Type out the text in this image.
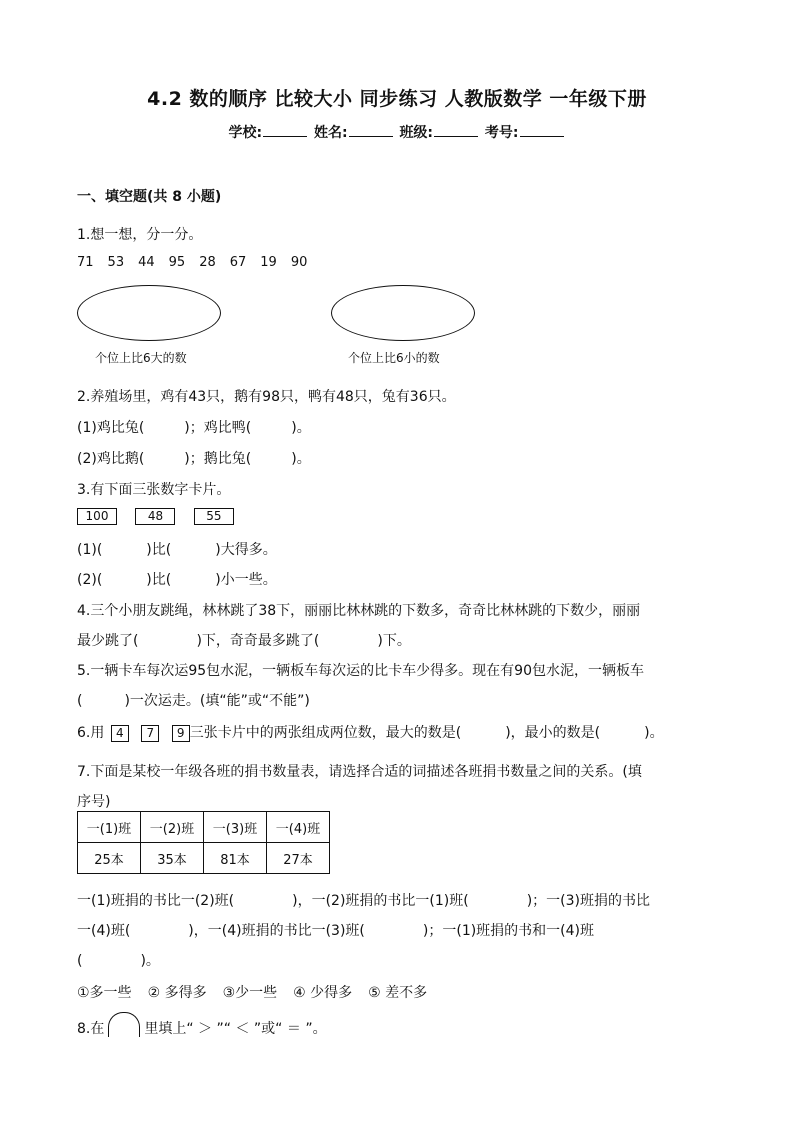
4.2 数的顺序 比较大小 同步练习 人教版数学 一年级下册
学校:	姓名:	班级:	考号:
一、填空题(共 8 小题)
1.想一想，分一分。
71 53 44 95 28 67 19 90
个位上比6大的数	个位上比6小的数
2.养殖场里，鸡有43只，鹅有98只，鸭有48只，兔有36只。
(1)鸡比兔(	)；鸡比鸭(	)。
(2)鸡比鹅(	)；鹅比兔(	)。
3.有下面三张数字卡片。
100	48	55
(1)(	)比(	)大得多。
(2)(	)比(	)小一些。
4.三个小朋友跳绳，林林跳了38下，丽丽比林林跳的下数多，奇奇比林林跳的下数少，丽丽
最少跳了(	)下，奇奇最多跳了(	)下。
5.一辆卡车每次运95包水泥，一辆板车每次运的比卡车少得多。现在有90包水泥，一辆板车
(	)一次运走。(填“能”或“不能”)
6.用 4 7 9 三张卡片中的两张组成两位数，最大的数是(	)，最小的数是(	)。
7.下面是某校一年级各班的捐书数量表，请选择合适的词描述各班捐书数量之间的关系。(填
序号)
一(1)班	一(2)班	一(3)班	一(4)班
25本	35本	81本	27本
一(1)班捐的书比一(2)班(	)，一(2)班捐的书比一(1)班(	)；一(3)班捐的书比
一(4)班(	)，一(4)班捐的书比一(3)班(	)；一(1)班捐的书和一(4)班
(	)。
①多一些 ② 多得多 ③少一些 ④ 少得多 ⑤ 差不多
8.在	里填上“ ＞ ”“ ＜ ”或“ ＝ ”。
